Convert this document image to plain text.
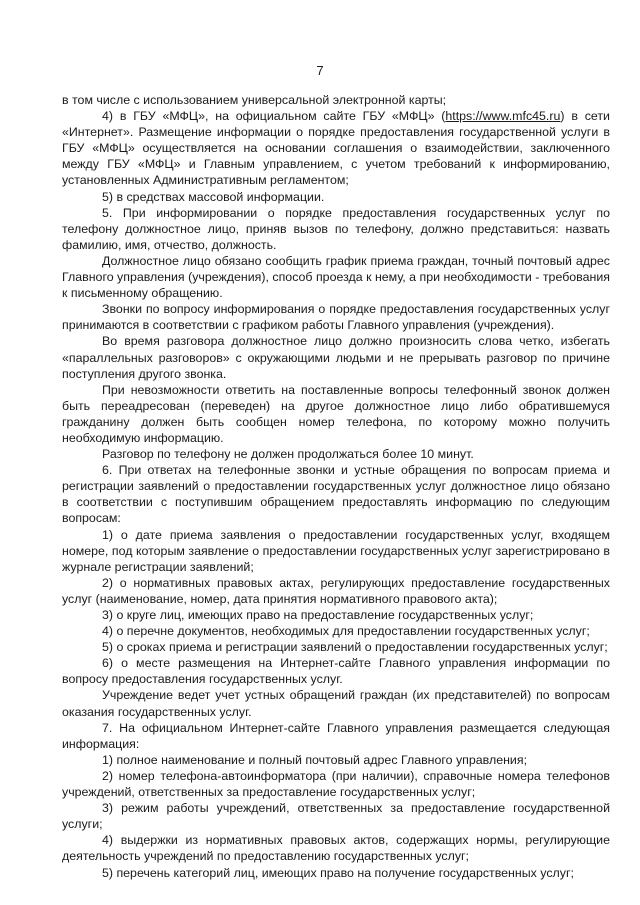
7

в том числе с использованием универсальной электронной карты;

4) в ГБУ «МФЦ», на официальном сайте ГБУ «МФЦ» (https://www.mfc45.ru) в сети «Интернет». Размещение информации о порядке предоставления государственной услуги в ГБУ «МФЦ» осуществляется на основании соглашения о взаимодействии, заключенного между ГБУ «МФЦ» и Главным управлением, с учетом требований к информированию, установленных Административным регламентом;

5) в средствах массовой информации.

5. При информировании о порядке предоставления государственных услуг по телефону должностное лицо, приняв вызов по телефону, должно представиться: назвать фамилию, имя, отчество, должность.

Должностное лицо обязано сообщить график приема граждан, точный почтовый адрес Главного управления (учреждения), способ проезда к нему, а при необходимости - требования к письменному обращению.

Звонки по вопросу информирования о порядке предоставления государственных услуг принимаются в соответствии с графиком работы Главного управления (учреждения).

Во время разговора должностное лицо должно произносить слова четко, избегать «параллельных разговоров» с окружающими людьми и не прерывать разговор по причине поступления другого звонка.

При невозможности ответить на поставленные вопросы телефонный звонок должен быть переадресован (переведен) на другое должностное лицо либо обратившемуся гражданину должен быть сообщен номер телефона, по которому можно получить необходимую информацию.

Разговор по телефону не должен продолжаться более 10 минут.

6. При ответах на телефонные звонки и устные обращения по вопросам приема и регистрации заявлений о предоставлении государственных услуг должностное лицо обязано в соответствии с поступившим обращением предоставлять информацию по следующим вопросам:

1) о дате приема заявления о предоставлении государственных услуг, входящем номере, под которым заявление о предоставлении государственных услуг зарегистрировано в журнале регистрации заявлений;

2) о нормативных правовых актах, регулирующих предоставление государственных услуг (наименование, номер, дата принятия нормативного правового акта);

3) о круге лиц, имеющих право на предоставление государственных услуг;

4) о перечне документов, необходимых для предоставлении государственных услуг;

5) о сроках приема и регистрации заявлений о предоставлении государственных услуг;

6) о месте размещения на Интернет-сайте Главного управления информации по вопросу предоставления государственных услуг.

Учреждение ведет учет устных обращений граждан (их представителей) по вопросам оказания государственных услуг.

7. На официальном Интернет-сайте Главного управления размещается следующая информация:

1) полное наименование и полный почтовый адрес Главного управления;

2) номер телефона-автоинформатора (при наличии), справочные номера телефонов учреждений, ответственных за предоставление государственных услуг;

3) режим работы учреждений, ответственных за предоставление государственной услуги;

4) выдержки из нормативных правовых актов, содержащих нормы, регулирующие деятельность учреждений по предоставлению государственных услуг;

5) перечень категорий лиц, имеющих право на получение государственных услуг;
